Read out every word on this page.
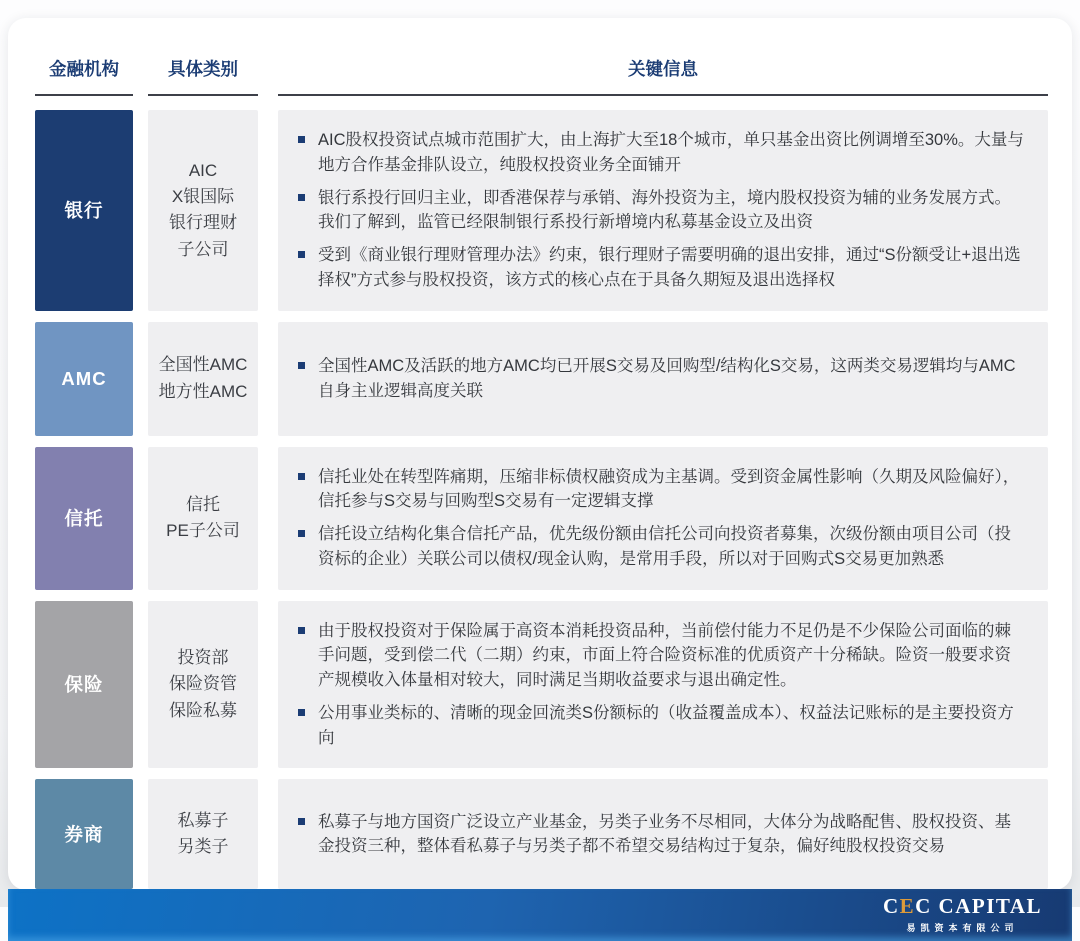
金融机构	具体类别	关键信息
银行
AIC
X银国际
银行理财
子公司
AIC股权投资试点城市范围扩大，由上海扩大至18个城市，单只基金出资比例调增至30%。大量与地方合作基金排队设立，纯股权投资业务全面铺开
银行系投行回归主业，即香港保荐与承销、海外投资为主，境内股权投资为辅的业务发展方式。 我们了解到，监管已经限制银行系投行新增境内私募基金设立及出资
受到《商业银行理财管理办法》约束，银行理财子需要明确的退出安排，通过“S份额受让+退出选择权”方式参与股权投资，该方式的核心点在于具备久期短及退出选择权
AMC
全国性AMC
地方性AMC
全国性AMC及活跃的地方AMC均已开展S交易及回购型/结构化S交易，这两类交易逻辑均与AMC自身主业逻辑高度关联
信托
信托
PE子公司
信托业处在转型阵痛期，压缩非标债权融资成为主基调。受到资金属性影响（久期及风险偏好），信托参与S交易与回购型S交易有一定逻辑支撑
信托设立结构化集合信托产品，优先级份额由信托公司向投资者募集，次级份额由项目公司（投资标的企业）关联公司以债权/现金认购，是常用手段，所以对于回购式S交易更加熟悉
保险
投资部
保险资管
保险私募
由于股权投资对于保险属于高资本消耗投资品种，当前偿付能力不足仍是不少保险公司面临的棘手问题，受到偿二代（二期）约束，市面上符合险资标准的优质资产十分稀缺。险资一般要求资产规模收入体量相对较大，同时满足当期收益要求与退出确定性。
公用事业类标的、清晰的现金回流类S份额标的（收益覆盖成本）、权益法记账标的是主要投资方向
券商
私募子
另类子
私募子与地方国资广泛设立产业基金，另类子业务不尽相同，大体分为战略配售、股权投资、基金投资三种，整体看私募子与另类子都不希望交易结构过于复杂，偏好纯股权投资交易
CEC CAPITAL
易凯资本有限公司
